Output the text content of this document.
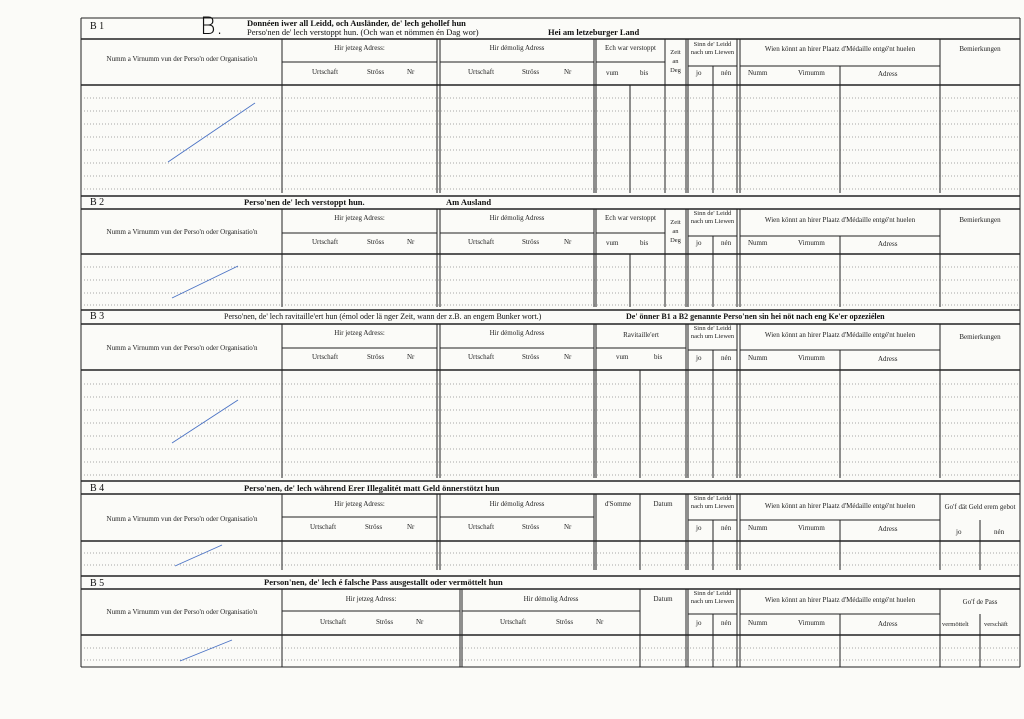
B 1	B.	Donnéen iwer all Leidd, och Ausländer, de' lech gehollef hun
Perso'nen de' lech verstoppt hun. (Och wan et nömmen én Dag wor)	Hei am letzeburger Land
Numm a Virnumm vun der Perso'n oder Organisatio'n
Hir jetzeg Adress:
Urtschaft	Ströss	Nr
Hir démolig Adress
Urtschaft	Ströss	Nr
Ech war verstoppt
vum	bis
Zeit
an
Deg
Sinn de' Leidd nach um Liewen
jo	nén
Wien könnt an hirer Plaatz d'Médaille entgé'nt huelen
Numm	Virnumm	Adress
Bemierkungen
B 2	Perso'nen de' lech verstoppt hun.	Am Ausland
Numm a Virnumm vun der Perso'n oder Organisatio'n
Hir jetzeg Adress:
Urtschaft	Ströss	Nr
Hir démolig Adress
Urtschaft	Ströss	Nr
Ech war verstoppt
vum	bis
Zeit
an
Deg
Sinn de' Leidd nach um Liewen
jo	nén
Wien könnt an hirer Plaatz d'Médaille entgé'nt huelen
Numm	Virnumm	Adress
Bemierkungen
B 3	Perso'nen, de' lech ravitaille'ert hun (émol oder lä nger Zeit, wann der z.B. an engem Bunker wort.)	De' önner B1 a B2 genannte Perso'nen sin hei nöt nach eng Ke'er opzeziélen
Numm a Virnumm vun der Perso'n oder Organisatio'n
Hir jetzeg Adress:
Urtschaft	Ströss	Nr
Hir démolig Adress
Urtschaft	Ströss	Nr
Ravitaille'ert
vum	bis
Sinn de' Leidd nach um Liewen
jo	nén
Wien könnt an hirer Plaatz d'Médaille entgé'nt huelen
Numm	Virnumm	Adress
Bemierkungen
B 4	Perso'nen, de' lech während Erer Illegalitét matt Geld önnerstötzt hun
Numm a Virnumm vun der Perso'n oder Organisatio'n
Hir jetzeg Adress:
Urtschaft	Ströss	Nr
Hir démolig Adress
Urtschaft	Ströss	Nr
d'Somme	Datum
Sinn de' Leidd nach um Liewen
jo	nén
Wien könnt an hirer Plaatz d'Médaille entgé'nt huelen
Numm	Virnumm	Adress
Go'f dät Geld erem gebot
jo	nén
B 5	Person'nen, de' lech é falsche Pass ausgestallt oder vermöttelt hun
Numm a Virnumm vun der Perso'n oder Organisatio'n
Hir jetzeg Adress:
Urtschaft	Ströss	Nr
Hir démolig Adress
Urtschaft	Ströss	Nr
Datum
Sinn de' Leidd nach um Liewen
jo	nén
Wien könnt an hirer Plaatz d'Médaille entgé'nt huelen
Numm	Virnumm	Adress
Go'f de Pass
vermöttelt verschäft
